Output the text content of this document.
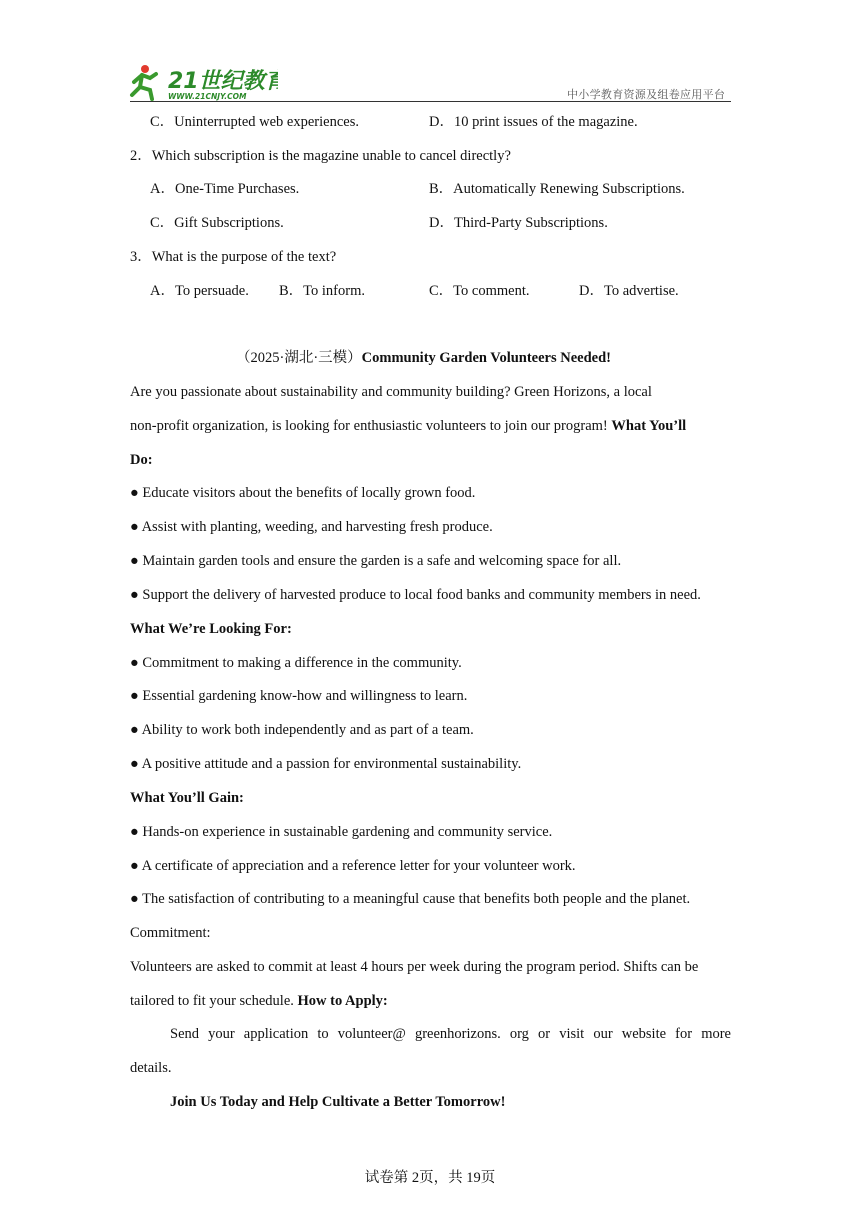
21世纪教育
WWW.21CNJY.COM	中小学教育资源及组卷应用平台
C．Uninterrupted web experiences.	D．10 print issues of the magazine.
2．Which subscription is the magazine unable to cancel directly?
A．One-Time Purchases.	B．Automatically Renewing Subscriptions.
C．Gift Subscriptions.	D．Third-Party Subscriptions.
3．What is the purpose of the text?
A．To persuade. B．To inform.	C．To comment.	D．To advertise.
（2025·湖北·三模）Community Garden Volunteers Needed!
Are you passionate about sustainability and community building? Green Horizons, a local
non-profit organization, is looking for enthusiastic volunteers to join our program! What You’ll
Do:
● Educate visitors about the benefits of locally grown food.
● Assist with planting, weeding, and harvesting fresh produce.
● Maintain garden tools and ensure the garden is a safe and welcoming space for all.
● Support the delivery of harvested produce to local food banks and community members in need.
What We’re Looking For:
● Commitment to making a difference in the community.
● Essential gardening know-how and willingness to learn.
● Ability to work both independently and as part of a team.
● A positive attitude and a passion for environmental sustainability.
What You’ll Gain:
● Hands-on experience in sustainable gardening and community service.
● A certificate of appreciation and a reference letter for your volunteer work.
● The satisfaction of contributing to a meaningful cause that benefits both people and the planet.
Commitment:
Volunteers are asked to commit at least 4 hours per week during the program period. Shifts can be
tailored to fit your schedule. How to Apply:
Send your application to volunteer@ greenhorizons. org or visit our website for more
details.
Join Us Today and Help Cultivate a Better Tomorrow!
试卷第 2页，共 19页
